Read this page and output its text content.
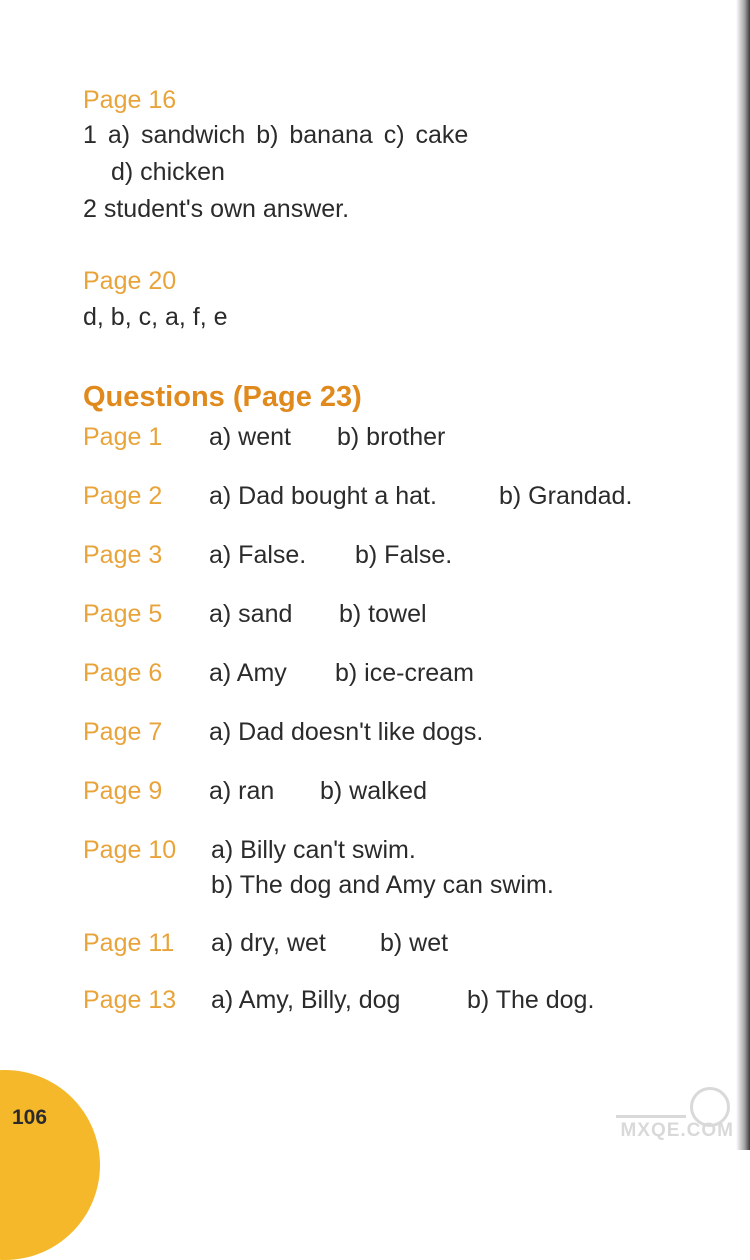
Page 16
1 a) sandwich b) banana c) cake
d) chicken
2 student's own answer.
Page 20
d, b, c, a, f, e
Questions (Page 23)
Page 1 a) went b) brother
Page 2 a) Dad bought a hat. b) Grandad.
Page 3 a) False. b) False.
Page 5 a) sand b) towel
Page 6 a) Amy b) ice-cream
Page 7 a) Dad doesn't like dogs.
Page 9 a) ran b) walked
Page 10 a) Billy can't swim.
b) The dog and Amy can swim.
Page 11 a) dry, wet b) wet
Page 13 a) Amy, Billy, dog	b) The dog.
106
MXQE.COM
